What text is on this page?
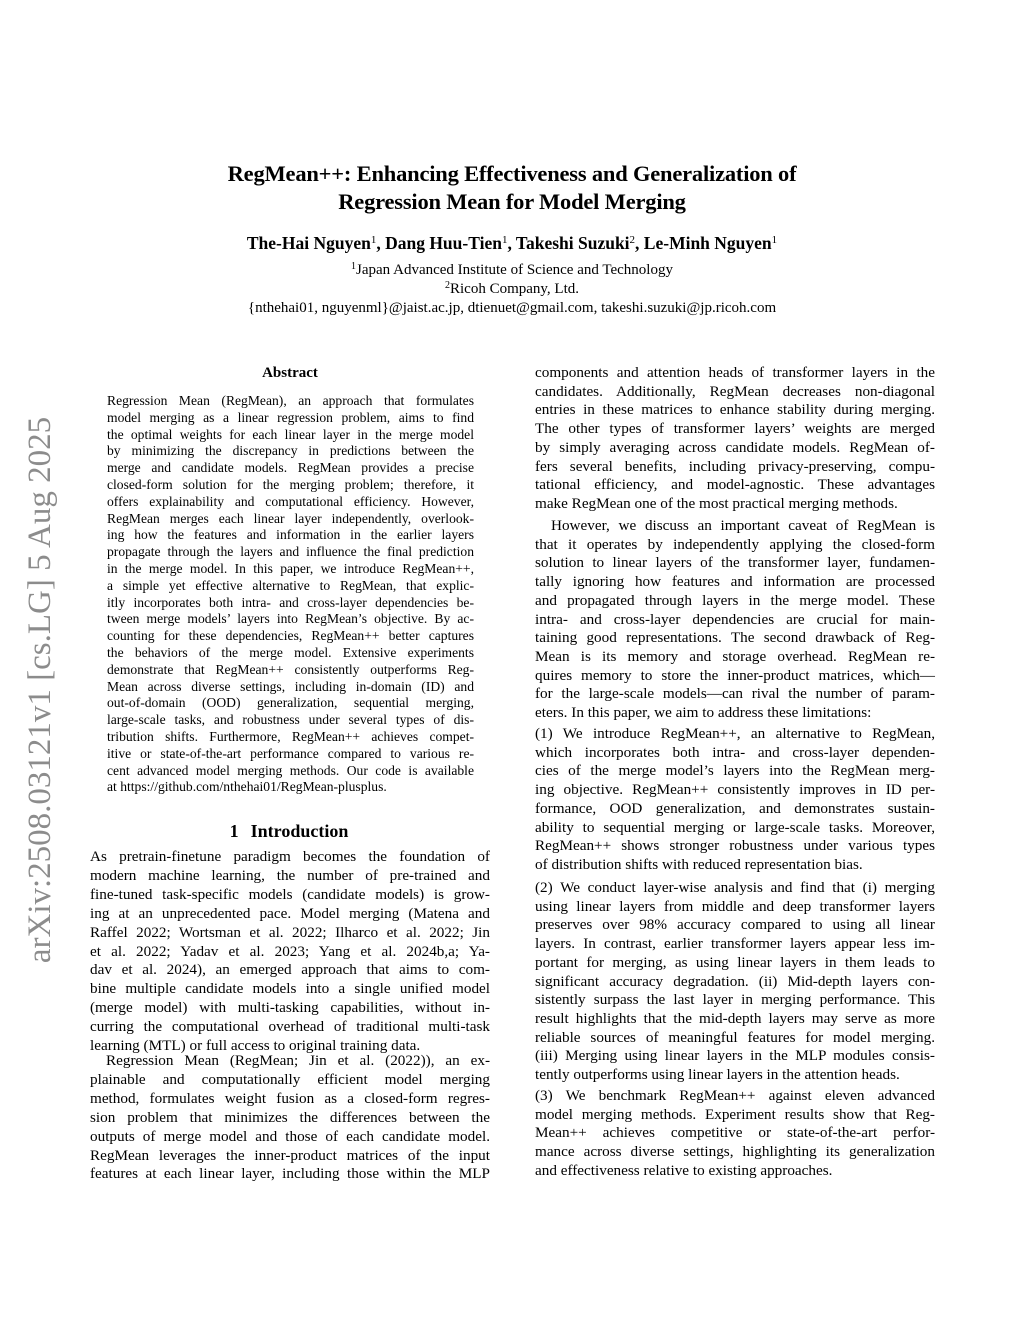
RegMean++: Enhancing Effectiveness and Generalization of
Regression Mean for Model Merging
The-Hai Nguyen$^1$, Dang Huu-Tien$^1$, Takeshi Suzuki$^2$, Le-Minh Nguyen$^1$
$^1$Japan Advanced Institute of Science and Technology
$^2$Ricoh Company, Ltd.
{nthehai01, nguyenml}@jaist.ac.jp, dtienuet@gmail.com, takeshi.suzuki@jp.ricoh.com
arXiv:2508.03121v1 [cs.LG] 5 Aug 2025
Abstract
Regression Mean (RegMean), an approach that formulates
model merging as a linear regression problem, aims to find
the optimal weights for each linear layer in the merge model
by minimizing the discrepancy in predictions between the
merge and candidate models. RegMean provides a precise
closed-form solution for the merging problem; therefore, it
offers explainability and computational efficiency. However,
RegMean merges each linear layer independently, overlook-
ing how the features and information in the earlier layers
propagate through the layers and influence the final prediction
in the merge model. In this paper, we introduce RegMean++,
a simple yet effective alternative to RegMean, that explic-
itly incorporates both intra- and cross-layer dependencies be-
tween merge models’ layers into RegMean’s objective. By ac-
counting for these dependencies, RegMean++ better captures
the behaviors of the merge model. Extensive experiments
demonstrate that RegMean++ consistently outperforms Reg-
Mean across diverse settings, including in-domain (ID) and
out-of-domain (OOD) generalization, sequential merging,
large-scale tasks, and robustness under several types of dis-
tribution shifts. Furthermore, RegMean++ achieves compet-
itive or state-of-the-art performance compared to various re-
cent advanced model merging methods. Our code is available
at https://github.com/nthehai01/RegMean-plusplus.
1 Introduction
As pretrain-finetune paradigm becomes the foundation of
modern machine learning, the number of pre-trained and
fine-tuned task-specific models (candidate models) is grow-
ing at an unprecedented pace. Model merging (Matena and
Raffel 2022; Wortsman et al. 2022; Ilharco et al. 2022; Jin
et al. 2022; Yadav et al. 2023; Yang et al. 2024b,a; Ya-
dav et al. 2024), an emerged approach that aims to com-
bine multiple candidate models into a single unified model
(merge model) with multi-tasking capabilities, without in-
curring the computational overhead of traditional multi-task
learning (MTL) or full access to original training data.
Regression Mean (RegMean; Jin et al. (2022)), an ex-
plainable and computationally efficient model merging
method, formulates weight fusion as a closed-form regres-
sion problem that minimizes the differences between the
outputs of merge model and those of each candidate model.
RegMean leverages the inner-product matrices of the input
features at each linear layer, including those within the MLP
components and attention heads of transformer layers in the
candidates. Additionally, RegMean decreases non-diagonal
entries in these matrices to enhance stability during merging.
The other types of transformer layers’ weights are merged
by simply averaging across candidate models. RegMean of-
fers several benefits, including privacy-preserving, compu-
tational efficiency, and model-agnostic. These advantages
make RegMean one of the most practical merging methods.
However, we discuss an important caveat of RegMean is
that it operates by independently applying the closed-form
solution to linear layers of the transformer layer, fundamen-
tally ignoring how features and information are processed
and propagated through layers in the merge model. These
intra- and cross-layer dependencies are crucial for main-
taining good representations. The second drawback of Reg-
Mean is its memory and storage overhead. RegMean re-
quires memory to store the inner-product matrices, which—
for the large-scale models—can rival the number of param-
eters. In this paper, we aim to address these limitations:
(1) We introduce RegMean++, an alternative to RegMean,
which incorporates both intra- and cross-layer dependen-
cies of the merge model’s layers into the RegMean merg-
ing objective. RegMean++ consistently improves in ID per-
formance, OOD generalization, and demonstrates sustain-
ability to sequential merging or large-scale tasks. Moreover,
RegMean++ shows stronger robustness under various types
of distribution shifts with reduced representation bias.
(2) We conduct layer-wise analysis and find that (i) merging
using linear layers from middle and deep transformer layers
preserves over 98% accuracy compared to using all linear
layers. In contrast, earlier transformer layers appear less im-
portant for merging, as using linear layers in them leads to
significant accuracy degradation. (ii) Mid-depth layers con-
sistently surpass the last layer in merging performance. This
result highlights that the mid-depth layers may serve as more
reliable sources of meaningful features for model merging.
(iii) Merging using linear layers in the MLP modules consis-
tently outperforms using linear layers in the attention heads.
(3) We benchmark RegMean++ against eleven advanced
model merging methods. Experiment results show that Reg-
Mean++ achieves competitive or state-of-the-art perfor-
mance across diverse settings, highlighting its generalization
and effectiveness relative to existing approaches.
